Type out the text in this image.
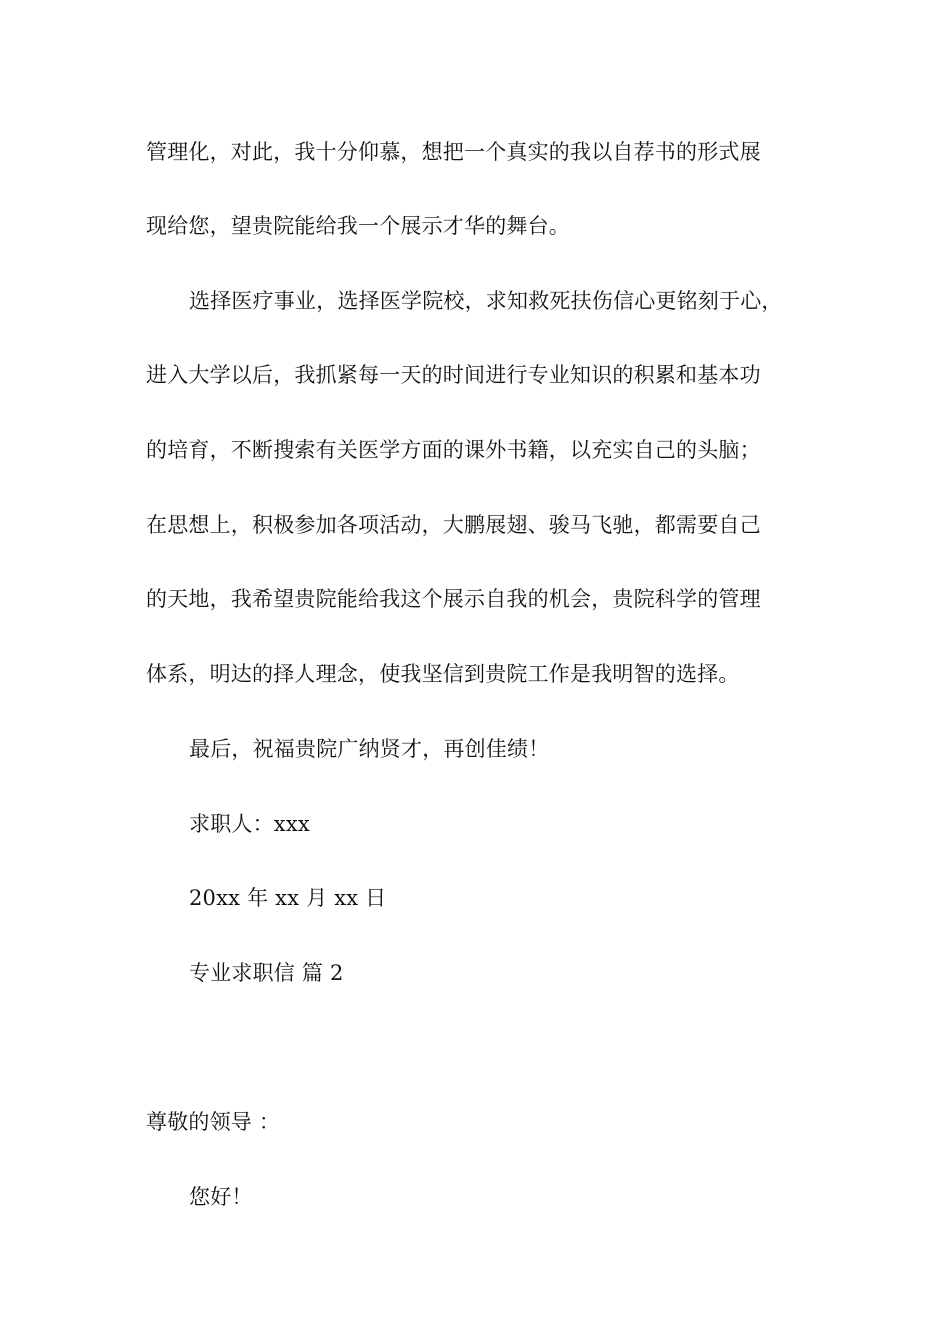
管理化，对此，我十分仰慕，想把一个真实的我以自荐书的形式展
现给您，望贵院能给我一个展示才华的舞台。
选择医疗事业，选择医学院校，求知救死扶伤信心更铭刻于心，
进入大学以后，我抓紧每一天的时间进行专业知识的积累和基本功
的培育，不断搜索有关医学方面的课外书籍，以充实自己的头脑；
在思想上，积极参加各项活动，大鹏展翅、骏马飞驰，都需要自己
的天地，我希望贵院能给我这个展示自我的机会，贵院科学的管理
体系，明达的择人理念，使我坚信到贵院工作是我明智的选择。
最后，祝福贵院广纳贤才，再创佳绩！
求职人：xxx
20xx 年 xx 月 xx 日
专业求职信 篇 2
尊敬的领导 ：
您好！
